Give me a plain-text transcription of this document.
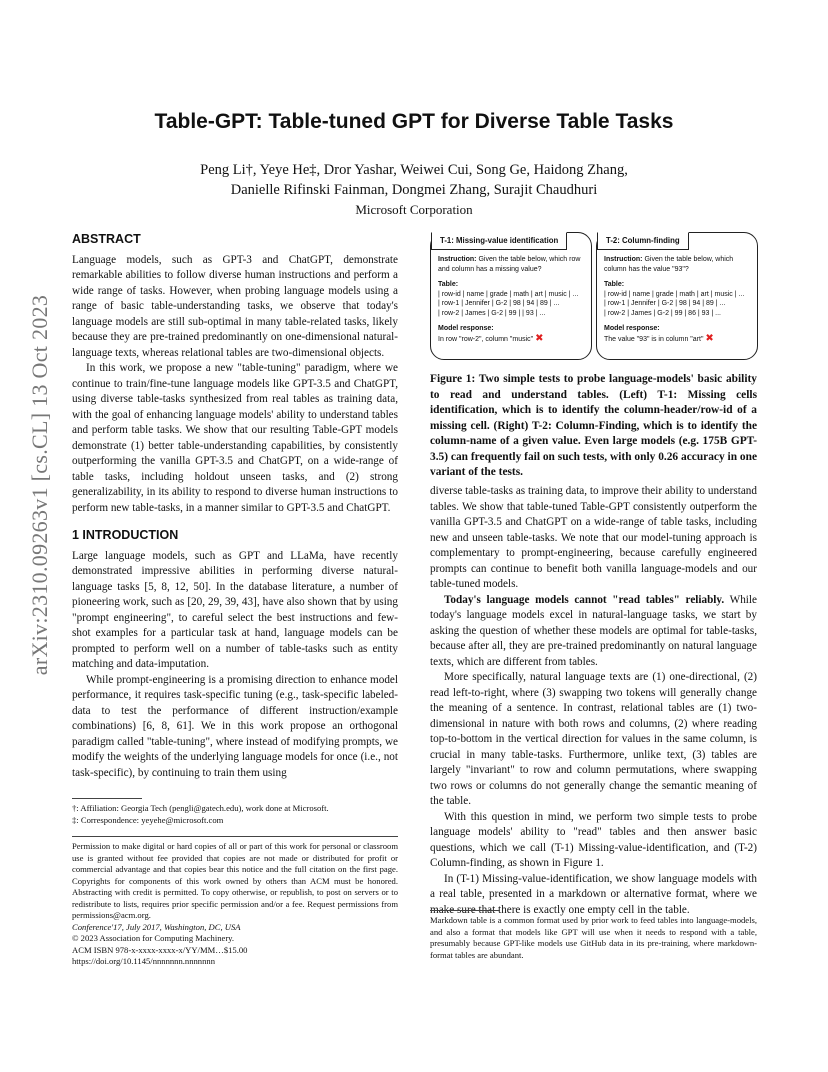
arXiv:2310.09263v1 [cs.CL] 13 Oct 2023
Table-GPT: Table-tuned GPT for Diverse Table Tasks
Peng Li†, Yeye He‡, Dror Yashar, Weiwei Cui, Song Ge, Haidong Zhang,
Danielle Rifinski Fainman, Dongmei Zhang, Surajit Chaudhuri
Microsoft Corporation
ABSTRACT

Language models, such as GPT-3 and ChatGPT, demonstrate remarkable abilities to follow diverse human instructions and perform a wide range of tasks. However, when probing language models using a range of basic table-understanding tasks, we observe that today's language models are still sub-optimal in many table-related tasks, likely because they are pre-trained predominantly on one-dimensional natural-language texts, whereas relational tables are two-dimensional objects.

In this work, we propose a new "table-tuning" paradigm, where we continue to train/fine-tune language models like GPT-3.5 and ChatGPT, using diverse table-tasks synthesized from real tables as training data, with the goal of enhancing language models' ability to understand tables and perform table tasks. We show that our resulting Table-GPT models demonstrate (1) better table-understanding capabilities, by consistently outperforming the vanilla GPT-3.5 and ChatGPT, on a wide-range of table tasks, including holdout unseen tasks, and (2) strong generalizability, in its ability to respond to diverse human instructions to perform new table-tasks, in a manner similar to GPT-3.5 and ChatGPT.

1 INTRODUCTION

Large language models, such as GPT and LLaMa, have recently demonstrated impressive abilities in performing diverse natural-language tasks [5, 8, 12, 50]. In the database literature, a number of pioneering work, such as [20, 29, 39, 43], have also shown that by using "prompt engineering", to careful select the best instructions and few-shot examples for a particular task at hand, language models can be prompted to perform well on a number of table-tasks such as entity matching and data-imputation.

While prompt-engineering is a promising direction to enhance model performance, it requires task-specific tuning (e.g., task-specific labeled-data to test the performance of different instruction/example combinations) [6, 8, 61]. We in this work propose an orthogonal paradigm called "table-tuning", where instead of modifying prompts, we modify the weights of the underlying language models for once (i.e., not task-specific), by continuing to train them using

†: Affiliation: Georgia Tech (pengli@gatech.edu), work done at Microsoft.
‡: Correspondence: yeyehe@microsoft.com
Permission to make digital or hard copies of all or part of this work for personal or classroom use is granted without fee provided that copies are not made or distributed for profit or commercial advantage and that copies bear this notice and the full citation on the first page. Copyrights for components of this work owned by others than ACM must be honored. Abstracting with credit is permitted. To copy otherwise, or republish, to post on servers or to redistribute to lists, requires prior specific permission and/or a fee. Request permissions from permissions@acm.org.
Conference'17, July 2017, Washington, DC, USA
© 2023 Association for Computing Machinery.
ACM ISBN 978-x-xxxx-xxxx-x/YY/MM…$15.00
https://doi.org/10.1145/nnnnnnn.nnnnnnn
T-1: Missing-value identification
Instruction: Given the table below, which row and column has a missing value?
Table:
| row-id | name | grade | math | art | music | ...
| row-1 | Jennifer | G-2 | 98 | 94 | 89 | ...
| row-2 | James | G-2 | 99 | | 93 | ...
Model response:
In row "row-2", column "music" ✖
T-2: Column-finding
Instruction: Given the table below, which column has the value "93"?
Table:
| row-id | name | grade | math | art | music | ...
| row-1 | Jennifer | G-2 | 98 | 94 | 89 | ...
| row-2 | James | G-2 | 99 | 86 | 93 | ...
Model response:
The value "93" is in column "art" ✖
Figure 1: Two simple tests to probe language-models' basic ability to read and understand tables. (Left) T-1: Missing cells identification, which is to identify the column-header/row-id of a missing cell. (Right) T-2: Column-Finding, which is to identify the column-name of a given value. Even large models (e.g. 175B GPT-3.5) can frequently fail on such tests, with only 0.26 accuracy in one variant of the tests.

diverse table-tasks as training data, to improve their ability to understand tables. We show that table-tuned Table-GPT consistently outperform the vanilla GPT-3.5 and ChatGPT on a wide-range of table tasks, including new and unseen table-tasks. We note that our model-tuning approach is complementary to prompt-engineering, because carefully engineered prompts can continue to benefit both vanilla language-models and our table-tuned models.

Today's language models cannot "read tables" reliably. While today's language models excel in natural-language tasks, we start by asking the question of whether these models are optimal for table-tasks, because after all, they are pre-trained predominantly on natural language texts, which are different from tables.

More specifically, natural language texts are (1) one-directional, (2) read left-to-right, where (3) swapping two tokens will generally change the meaning of a sentence. In contrast, relational tables are (1) two-dimensional in nature with both rows and columns, (2) where reading top-to-bottom in the vertical direction for values in the same column, is crucial in many table-tasks. Furthermore, unlike text, (3) tables are largely "invariant" to row and column permutations, where swapping two rows or columns do not generally change the semantic meaning of the table.

With this question in mind, we perform two simple tests to probe language models' ability to "read" tables and then answer basic questions, which we call (T-1) Missing-value-identification, and (T-2) Column-finding, as shown in Figure 1.

In (T-1) Missing-value-identification, we show language models with a real table, presented in a markdown or alternative format, where we make sure that there is exactly one empty cell in the table.

Markdown table is a common format used by prior work to feed tables into language-models, and also a format that models like GPT will use when it needs to respond with a table, presumably because GPT-like models use GitHub data in its pre-training, where markdown-format tables are abundant.
